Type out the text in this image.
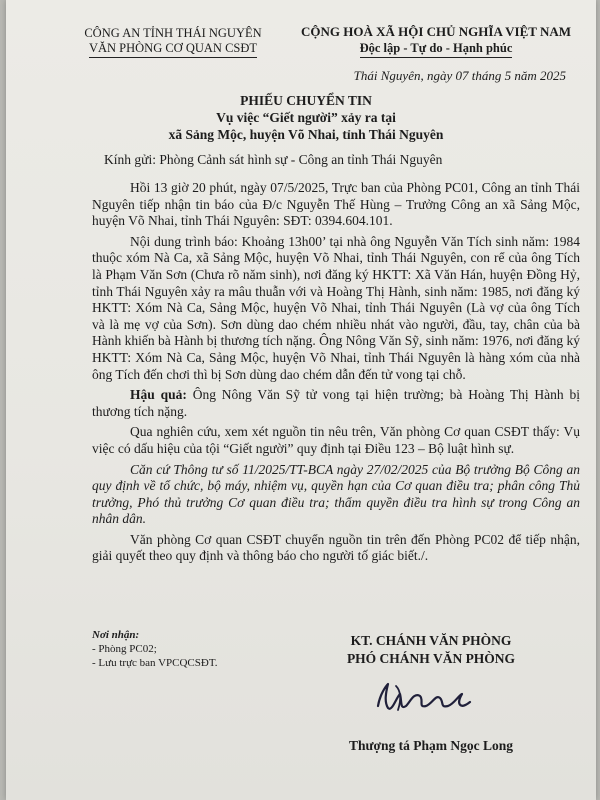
CÔNG AN TỈNH THÁI NGUYÊN
VĂN PHÒNG CƠ QUAN CSĐT
CỘNG HOÀ XÃ HỘI CHỦ NGHĨA VIỆT NAM
Độc lập - Tự do - Hạnh phúc
Thái Nguyên, ngày 07 tháng 5 năm 2025
PHIẾU CHUYỂN TIN
Vụ việc “Giết người” xảy ra tại
xã Sảng Mộc, huyện Võ Nhai, tỉnh Thái Nguyên
Kính gửi: Phòng Cảnh sát hình sự - Công an tỉnh Thái Nguyên

Hồi 13 giờ 20 phút, ngày 07/5/2025, Trực ban của Phòng PC01, Công an tỉnh Thái Nguyên tiếp nhận tin báo của Đ/c Nguyễn Thế Hùng – Trưởng Công an xã Sảng Mộc, huyện Võ Nhai, tỉnh Thái Nguyên: SĐT: 0394.604.101.

Nội dung trình báo: Khoảng 13h00’ tại nhà ông Nguyễn Văn Tích sinh năm: 1984 thuộc xóm Nà Ca, xã Sảng Mộc, huyện Võ Nhai, tỉnh Thái Nguyên, con rể của ông Tích là Phạm Văn Sơn (Chưa rõ năm sinh), nơi đăng ký HKTT: Xã Văn Hán, huyện Đồng Hỷ, tỉnh Thái Nguyên xảy ra mâu thuẫn với và Hoàng Thị Hành, sinh năm: 1985, nơi đăng ký HKTT: Xóm Nà Ca, Sảng Mộc, huyện Võ Nhai, tỉnh Thái Nguyên (Là vợ của ông Tích và là mẹ vợ của Sơn). Sơn dùng dao chém nhiều nhát vào người, đầu, tay, chân của bà Hành khiến bà Hành bị thương tích nặng. Ông Nông Văn Sỹ, sinh năm: 1976, nơi đăng ký HKTT: Xóm Nà Ca, Sảng Mộc, huyện Võ Nhai, tỉnh Thái Nguyên là hàng xóm của nhà ông Tích đến chơi thì bị Sơn dùng dao chém dẫn đến tử vong tại chỗ.

Hậu quả: Ông Nông Văn Sỹ tử vong tại hiện trường; bà Hoàng Thị Hành bị thương tích nặng.

Qua nghiên cứu, xem xét nguồn tin nêu trên, Văn phòng Cơ quan CSĐT thấy: Vụ việc có dấu hiệu của tội “Giết người” quy định tại Điều 123 – Bộ luật hình sự.

Căn cứ Thông tư số 11/2025/TT-BCA ngày 27/02/2025 của Bộ trưởng Bộ Công an quy định về tổ chức, bộ máy, nhiệm vụ, quyền hạn của Cơ quan điều tra; phân công Thủ trưởng, Phó thủ trưởng Cơ quan điều tra; thẩm quyền điều tra hình sự trong Công an nhân dân.

Văn phòng Cơ quan CSĐT chuyển nguồn tin trên đến Phòng PC02 để tiếp nhận, giải quyết theo quy định và thông báo cho người tố giác biết./.

Nơi nhận:
- Phòng PC02;
- Lưu trực ban VPCQCSĐT.
KT. CHÁNH VĂN PHÒNG
PHÓ CHÁNH VĂN PHÒNG
Thượng tá Phạm Ngọc Long
